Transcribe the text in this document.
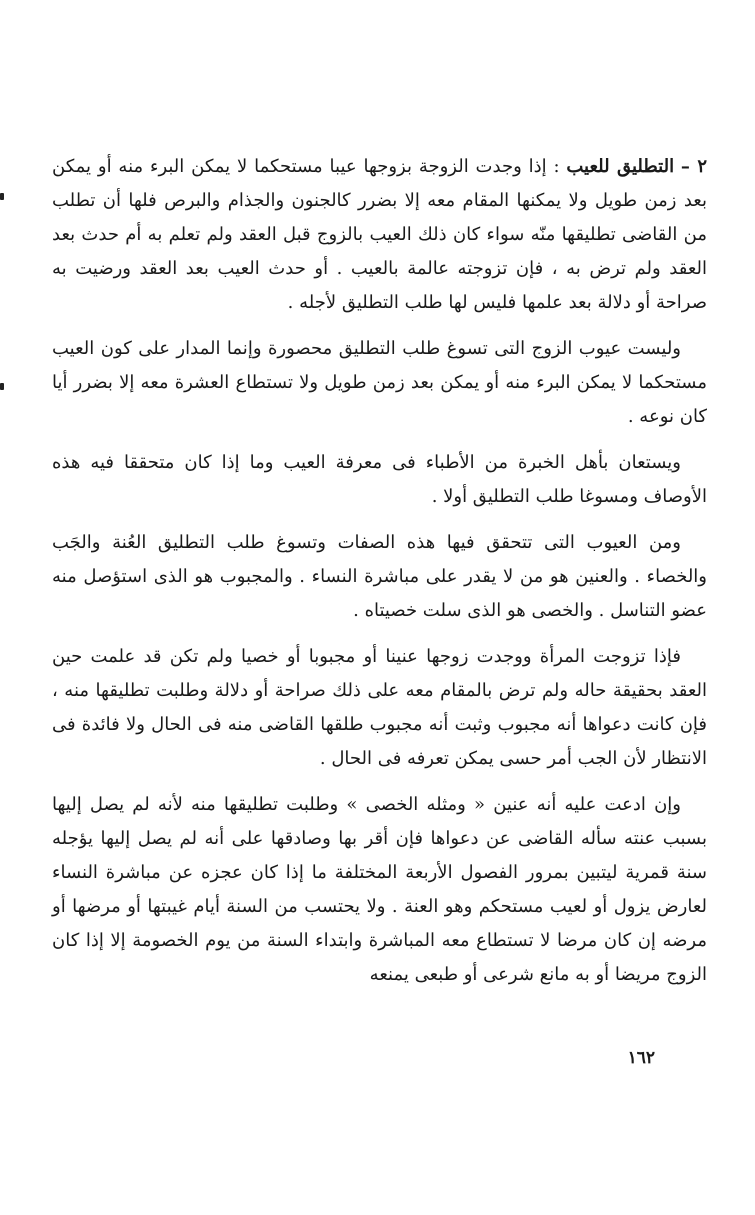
٢ – التطليق للعيب : إذا وجدت الزوجة بزوجها عيبا مستحكما لا يمكن البرء منه أو يمكن بعد زمن طويل ولا يمكنها المقام معه إلا بضرر كالجنون والجذام والبرص فلها أن تطلب من القاضى تطليقها منّه سواء كان ذلك العيب بالزوج قبل العقد ولم تعلم به أم حدث بعد العقد ولم ترض به ، فإن تزوجته عالمة بالعيب . أو حدث العيب بعد العقد ورضيت به صراحة أو دلالة بعد علمها فليس لها طلب التطليق لأجله .

وليست عيوب الزوج التى تسوغ طلب التطليق محصورة وإنما المدار على كون العيب مستحكما لا يمكن البرء منه أو يمكن بعد زمن طويل ولا تستطاع العشرة معه إلا بضرر أيا كان نوعه .

ويستعان بأهل الخبرة من الأطباء فى معرفة العيب وما إذا كان متحققا فيه هذه الأوصاف ومسوغا طلب التطليق أولا .

ومن العيوب التى تتحقق فيها هذه الصفات وتسوغ طلب التطليق العُنة والجَب والخصاء . والعنين هو من لا يقدر على مباشرة النساء . والمجبوب هو الذى استؤصل منه عضو التناسل . والخصى هو الذى سلت خصيتاه .

فإذا تزوجت المرأة ووجدت زوجها عنينا أو مجبوبا أو خصيا ولم تكن قد علمت حين العقد بحقيقة حاله ولم ترض بالمقام معه على ذلك صراحة أو دلالة وطلبت تطليقها منه ، فإن كانت دعواها أنه مجبوب وثبت أنه مجبوب طلقها القاضى منه فى الحال ولا فائدة فى الانتظار لأن الجب أمر حسى يمكن تعرفه فى الحال .

وإن ادعت عليه أنه عنين « ومثله الخصى » وطلبت تطليقها منه لأنه لم يصل إليها بسبب عنته سأله القاضى عن دعواها فإن أقر بها وصادقها على أنه لم يصل إليها يؤجله سنة قمرية ليتبين بمرور الفصول الأربعة المختلفة ما إذا كان عجزه عن مباشرة النساء لعارض يزول أو لعيب مستحكم وهو العنة . ولا يحتسب من السنة أيام غيبتها أو مرضها أو مرضه إن كان مرضا لا تستطاع معه المباشرة وابتداء السنة من يوم الخصومة إلا إذا كان الزوج مريضا أو به مانع شرعى أو طبعى يمنعه

١٦٢
